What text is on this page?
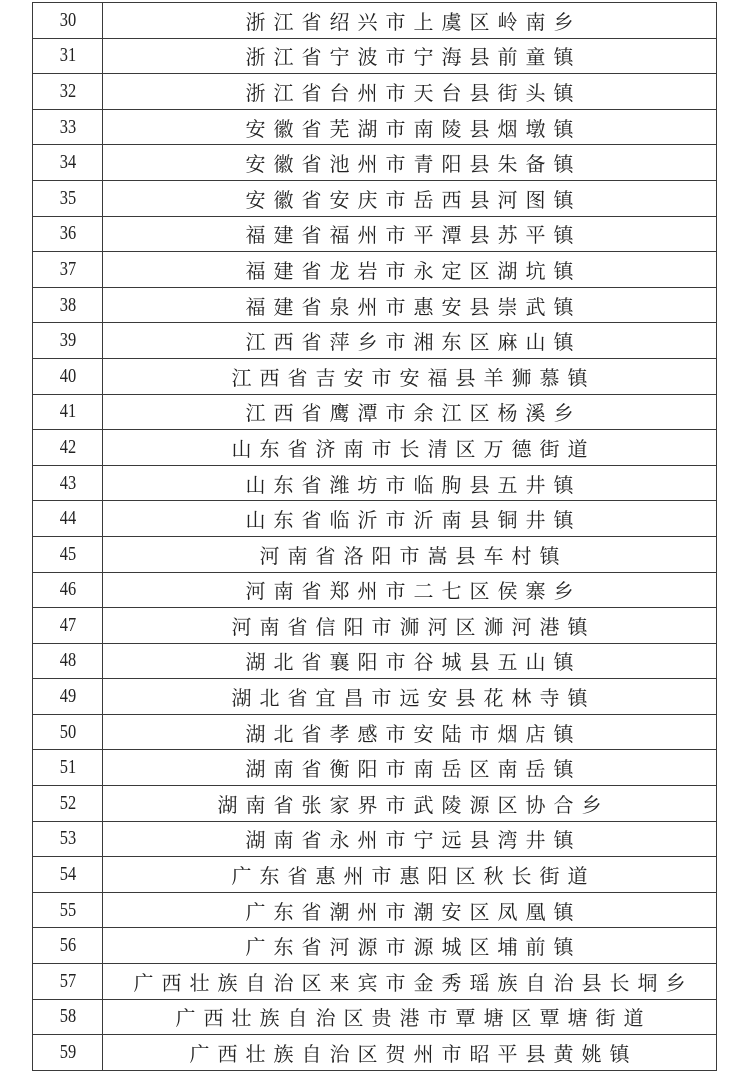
30	浙江省绍兴市上虞区岭南乡
31	浙江省宁波市宁海县前童镇
32	浙江省台州市天台县街头镇
33	安徽省芜湖市南陵县烟墩镇
34	安徽省池州市青阳县朱备镇
35	安徽省安庆市岳西县河图镇
36	福建省福州市平潭县苏平镇
37	福建省龙岩市永定区湖坑镇
38	福建省泉州市惠安县崇武镇
39	江西省萍乡市湘东区麻山镇
40	江西省吉安市安福县羊狮慕镇
41	江西省鹰潭市余江区杨溪乡
42	山东省济南市长清区万德街道
43	山东省潍坊市临朐县五井镇
44	山东省临沂市沂南县铜井镇
45	河南省洛阳市嵩县车村镇
46	河南省郑州市二七区侯寨乡
47	河南省信阳市浉河区浉河港镇
48	湖北省襄阳市谷城县五山镇
49	湖北省宜昌市远安县花林寺镇
50	湖北省孝感市安陆市烟店镇
51	湖南省衡阳市南岳区南岳镇
52	湖南省张家界市武陵源区协合乡
53	湖南省永州市宁远县湾井镇
54	广东省惠州市惠阳区秋长街道
55	广东省潮州市潮安区凤凰镇
56	广东省河源市源城区埔前镇
57	广西壮族自治区来宾市金秀瑶族自治县长垌乡
58	广西壮族自治区贵港市覃塘区覃塘街道
59	广西壮族自治区贺州市昭平县黄姚镇
